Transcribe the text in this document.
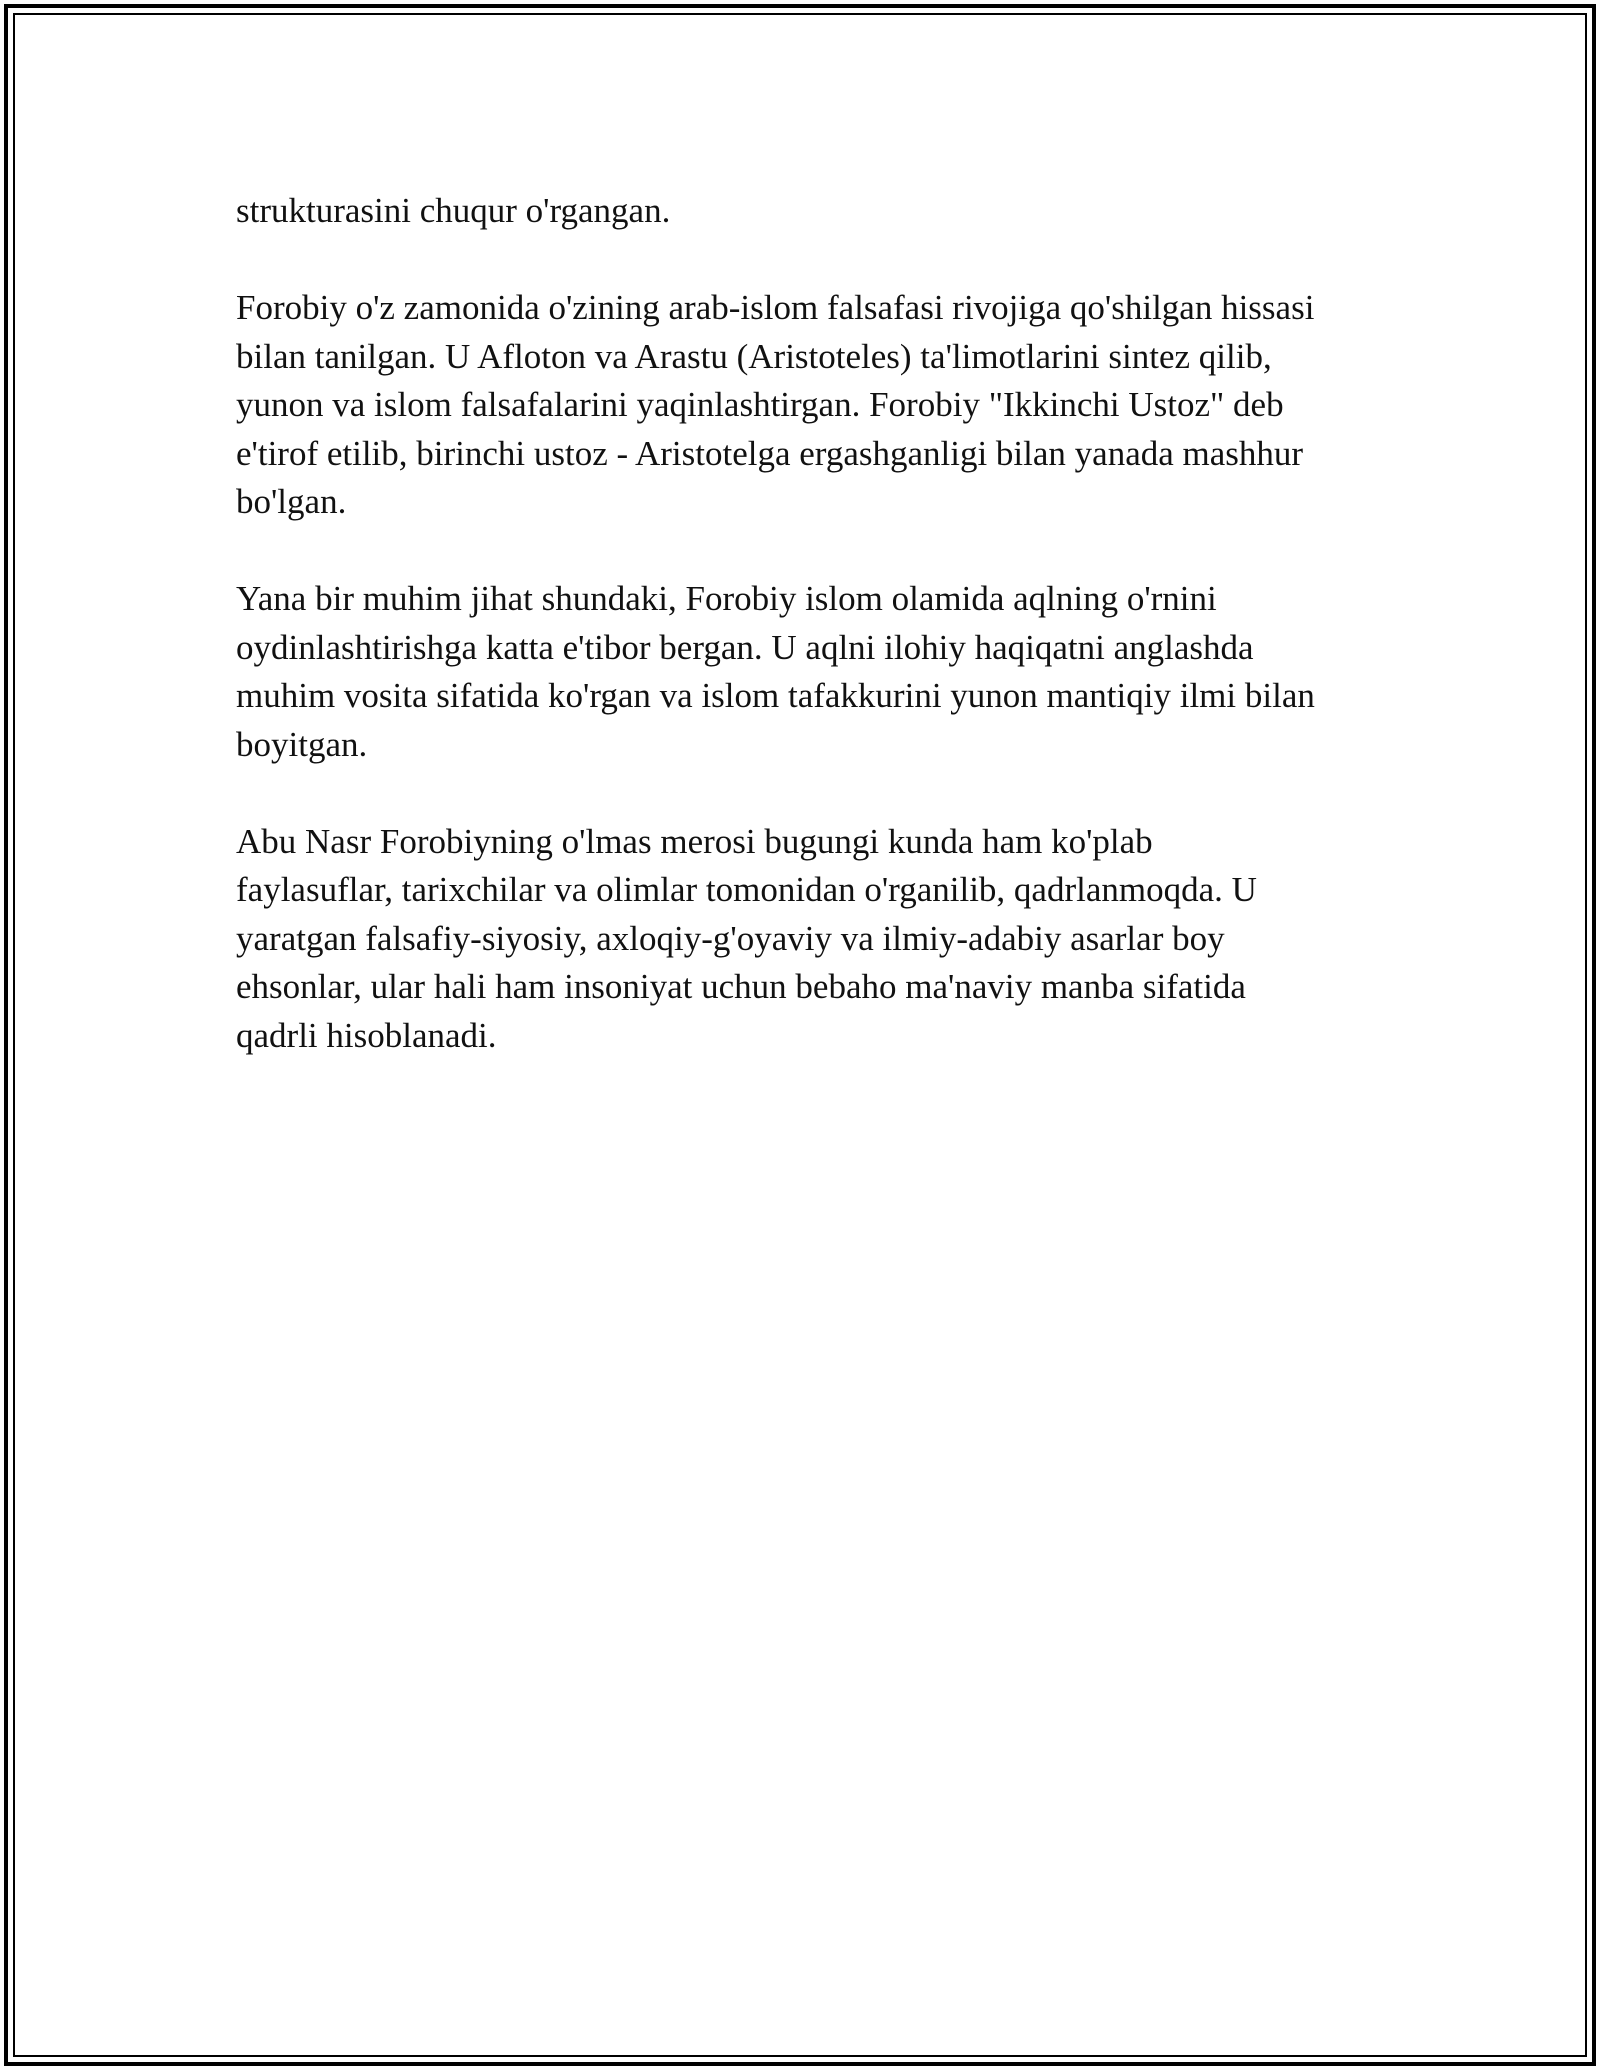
strukturasini chuqur o'rgangan.

Forobiy o'z zamonida o'zining arab-islom falsafasi rivojiga qo'shilgan hissasi
bilan tanilgan. U Afloton va Arastu (Aristoteles) ta'limotlarini sintez qilib,
yunon va islom falsafalarini yaqinlashtirgan. Forobiy "Ikkinchi Ustoz" deb
e'tirof etilib, birinchi ustoz - Aristotelga ergashganligi bilan yanada mashhur
bo'lgan.

Yana bir muhim jihat shundaki, Forobiy islom olamida aqlning o'rnini
oydinlashtirishga katta e'tibor bergan. U aqlni ilohiy haqiqatni anglashda
muhim vosita sifatida ko'rgan va islom tafakkurini yunon mantiqiy ilmi bilan
boyitgan.

Abu Nasr Forobiyning o'lmas merosi bugungi kunda ham ko'plab
faylasuflar, tarixchilar va olimlar tomonidan o'rganilib, qadrlanmoqda. U
yaratgan falsafiy-siyosiy, axloqiy-g'oyaviy va ilmiy-adabiy asarlar boy
ehsonlar, ular hali ham insoniyat uchun bebaho ma'naviy manba sifatida
qadrli hisoblanadi.
